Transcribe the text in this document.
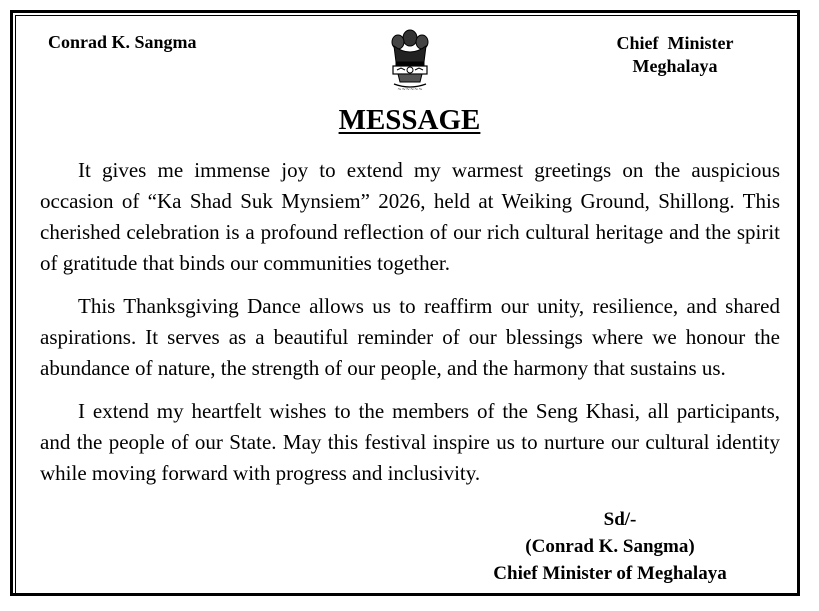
Conrad K. Sangma
~~~~~~
Chief  Minister
Meghalaya
MESSAGE

It gives me immense joy to extend my warmest greetings on the auspicious occasion of “Ka Shad Suk Mynsiem” 2026, held at Weiking Ground, Shillong. This cherished celebration is a profound reflection of our rich cultural heritage and the spirit of gratitude that binds our communities together.

This Thanksgiving Dance allows us to reaffirm our unity, resilience, and shared aspirations. It serves as a beautiful reminder of our blessings where we honour the abundance of nature, the strength of our people, and the harmony that sustains us.

I extend my heartfelt wishes to the members of the Seng Khasi, all participants, and the people of our State. May this festival inspire us to nurture our cultural identity while moving forward with progress and inclusivity.

Sd/-
(Conrad K. Sangma)
Chief Minister of Meghalaya
